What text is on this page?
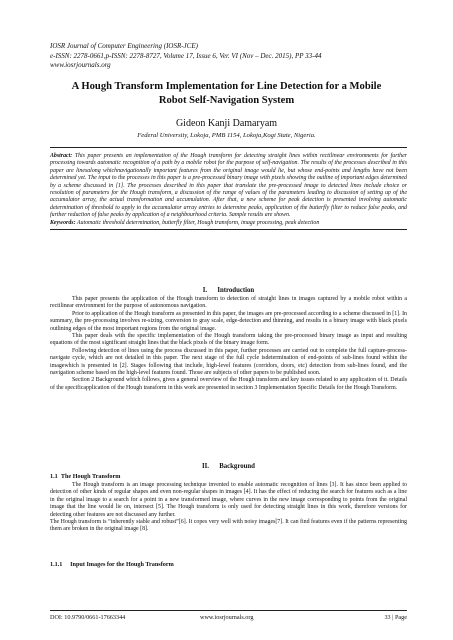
IOSR Journal of Computer Engineering (IOSR-JCE)
e-ISSN: 2278-0661,p-ISSN: 2278-8727, Volume 17, Issue 6, Ver. VI (Nov – Dec. 2015), PP 33-44
www.iosrjournals.org
A Hough Transform Implementation for Line Detection for a Mobile
Robot Self-Navigation System
Gideon Kanji Damaryam
Federal University, Lokoja, PMB 1154, Lokoja,Kogi State, Nigeria.
Abstract: This paper presents an implementation of the Hough transform for detecting straight lines within rectilinear environments for further processing towards automatic recognition of a path by a mobile robot for the purpose of self-navigation. The results of the processes described in this paper are linesalong whichnavigationally important features from the original image would lie, but whose end-points and lengths have not been determined yet. The input to the processes in this paper is a pre-processed binary image with pixels showing the outline of important edges determined by a scheme discussed in [1]. The processes described in this paper that translate the pre-processed image to detected lines include choice or resolution of parameters for the Hough transform, a discussion of the range of values of the parameters leading to discussion of setting up of the accumulator array, the actual transformation and accumulation. After that, a new scheme for peak detection is presented involving automatic determination of threshold to apply to the accumulator array entries to determine peaks, application of the butterfly filter to reduce false peaks, and further reduction of false peaks by application of a neighbourhood criteria. Sample results are shown.
Keywords: Automatic threshold determination, butterfly filter, Hough transform, image processing, peak detection
I.      Introduction

This paper presents the application of the Hough transform to detection of straight lines in images captured by a mobile robot within a rectilinear environment for the purpose of autonomous navigation.

Prior to application of the Hough transform as presented in this paper, the images are pre-processed according to a scheme discussed in [1]. In summary, the pre-processing involves re-sizing, conversion to gray scale, edge-detection and thinning, and results in a binary image with black pixels outlining edges of the most important regions from the original image.

This paper deals with the specific implementation of the Hough transform taking the pre-processed binary image as input and resulting equations of the most significant straight lines that the black pixels of the binary image form.

Following detection of lines using the process discussed in this paper, further processes are carried out to complete the full capture-process-navigate cycle, which are not detailed in this paper. The next stage of the full cycle isdetermination of end-points of sub-lines found within the imagewhich is presented in [2]. Stages following that include, high-level features (corridors, doors, etc) detection from sub-lines found, and the navigation scheme based on the high-level features found. Those are subjects of other papers to be published soon.

Section 2 Background which follows, gives a general overview of the Hough transform and key issues related to any application of it. Details of the specificapplication of the Hough transform in this work are presented in section 3 Implementation Specific Details for the Hough Transform.

II.      Background
1.1  The Hough Transform

The Hough transform is an image processing technique invented to enable automatic recognition of lines [3]. It has since been applied to detection of other kinds of regular shapes and even non-regular shapes in images [4]. It has the effect of reducing the search for features such as a line in the original image to a search for a point in a new transformed image, where curves in the new image corresponding to points from the original image that the line would lie on, intersect [5]. The Hough transform is only used for detecting straight lines in this work, therefore versions for detecting other features are not discussed any further.

The Hough transform is “inherently stable and robust”[6]. It copes very well with noisy images[7]. It can find features even if the patterns representing them are broken in the original image [8].

1.1.1     Input Images for the Hough Transform
DOI: 10.9790/0661-17663344	www.iosrjournals.org	33 | Page
